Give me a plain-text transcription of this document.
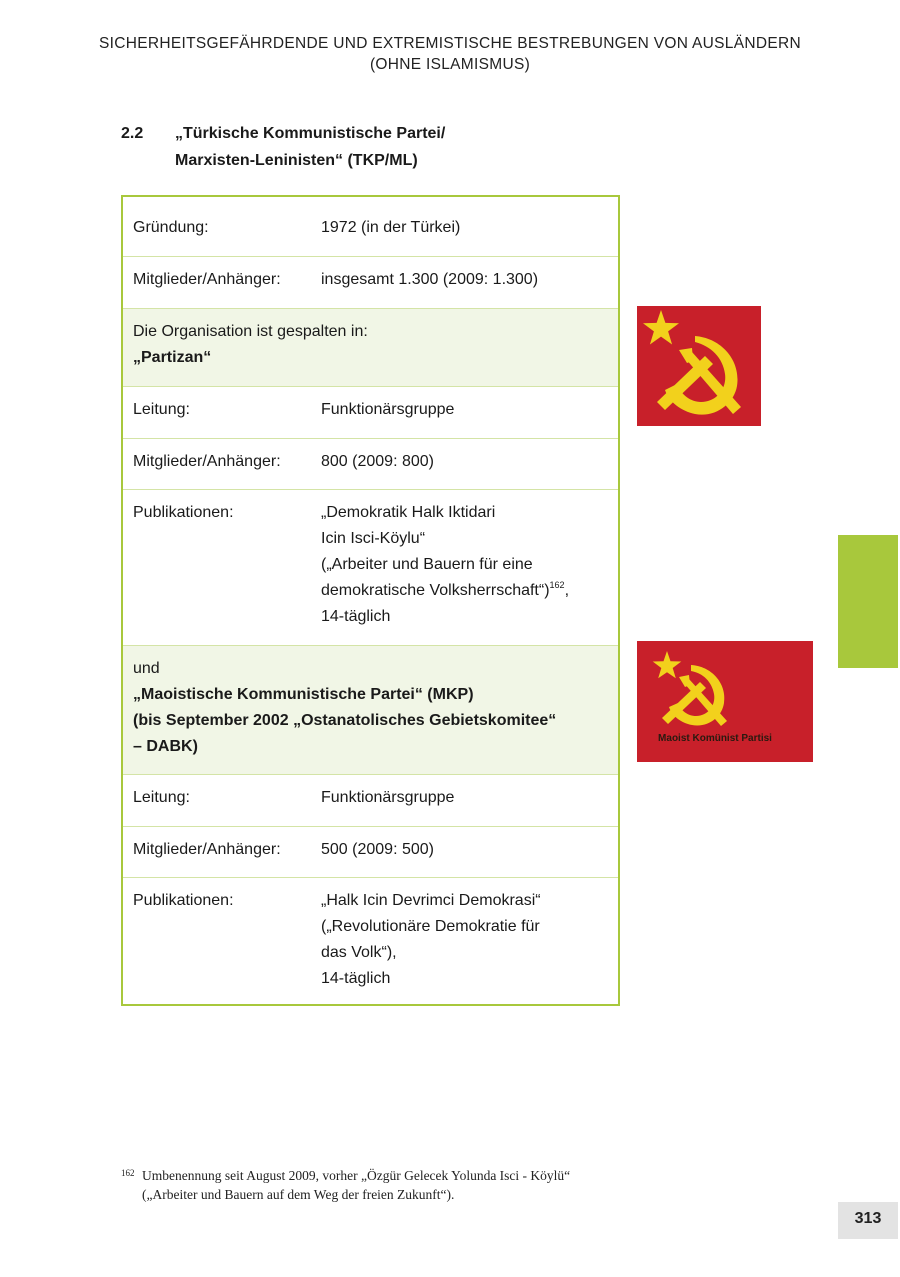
SICHERHEITSGEFÄHRDENDE UND EXTREMISTISCHE BESTREBUNGEN VON AUSLÄNDERN
(OHNE ISLAMISMUS)
2.2 „Türkische Kommunistische Partei/
Marxisten-Leninisten“ (TKP/ML)
Gründung:	1972 (in der Türkei)
Mitglieder/Anhänger:	insgesamt 1.300 (2009: 1.300)
Die Organisation ist gespalten in:
„Partizan“
Leitung:	Funktionärsgruppe
Mitglieder/Anhänger:	800 (2009: 800)
Publikationen:	„Demokratik Halk Iktidari
Icin Isci-Köylu“
(„Arbeiter und Bauern für eine
demokratische Volksherrschaft“)$^{162}$,
14-täglich
und
„Maoistische Kommunistische Partei“ (MKP)
(bis September 2002 „Ostanatolisches Gebietskomitee“
– DABK)
Leitung:	Funktionärsgruppe
Mitglieder/Anhänger:	500 (2009: 500)
Publikationen:	„Halk Icin Devrimci Demokrasi“
(„Revolutionäre Demokratie für
das Volk“),
14-täglich
Maoist Komünist Partisi
162 Umbenennung seit August 2009, vorher „Özgür Gelecek Yolunda Isci - Köylü“
(„Arbeiter und Bauern auf dem Weg der freien Zukunft“).
313
